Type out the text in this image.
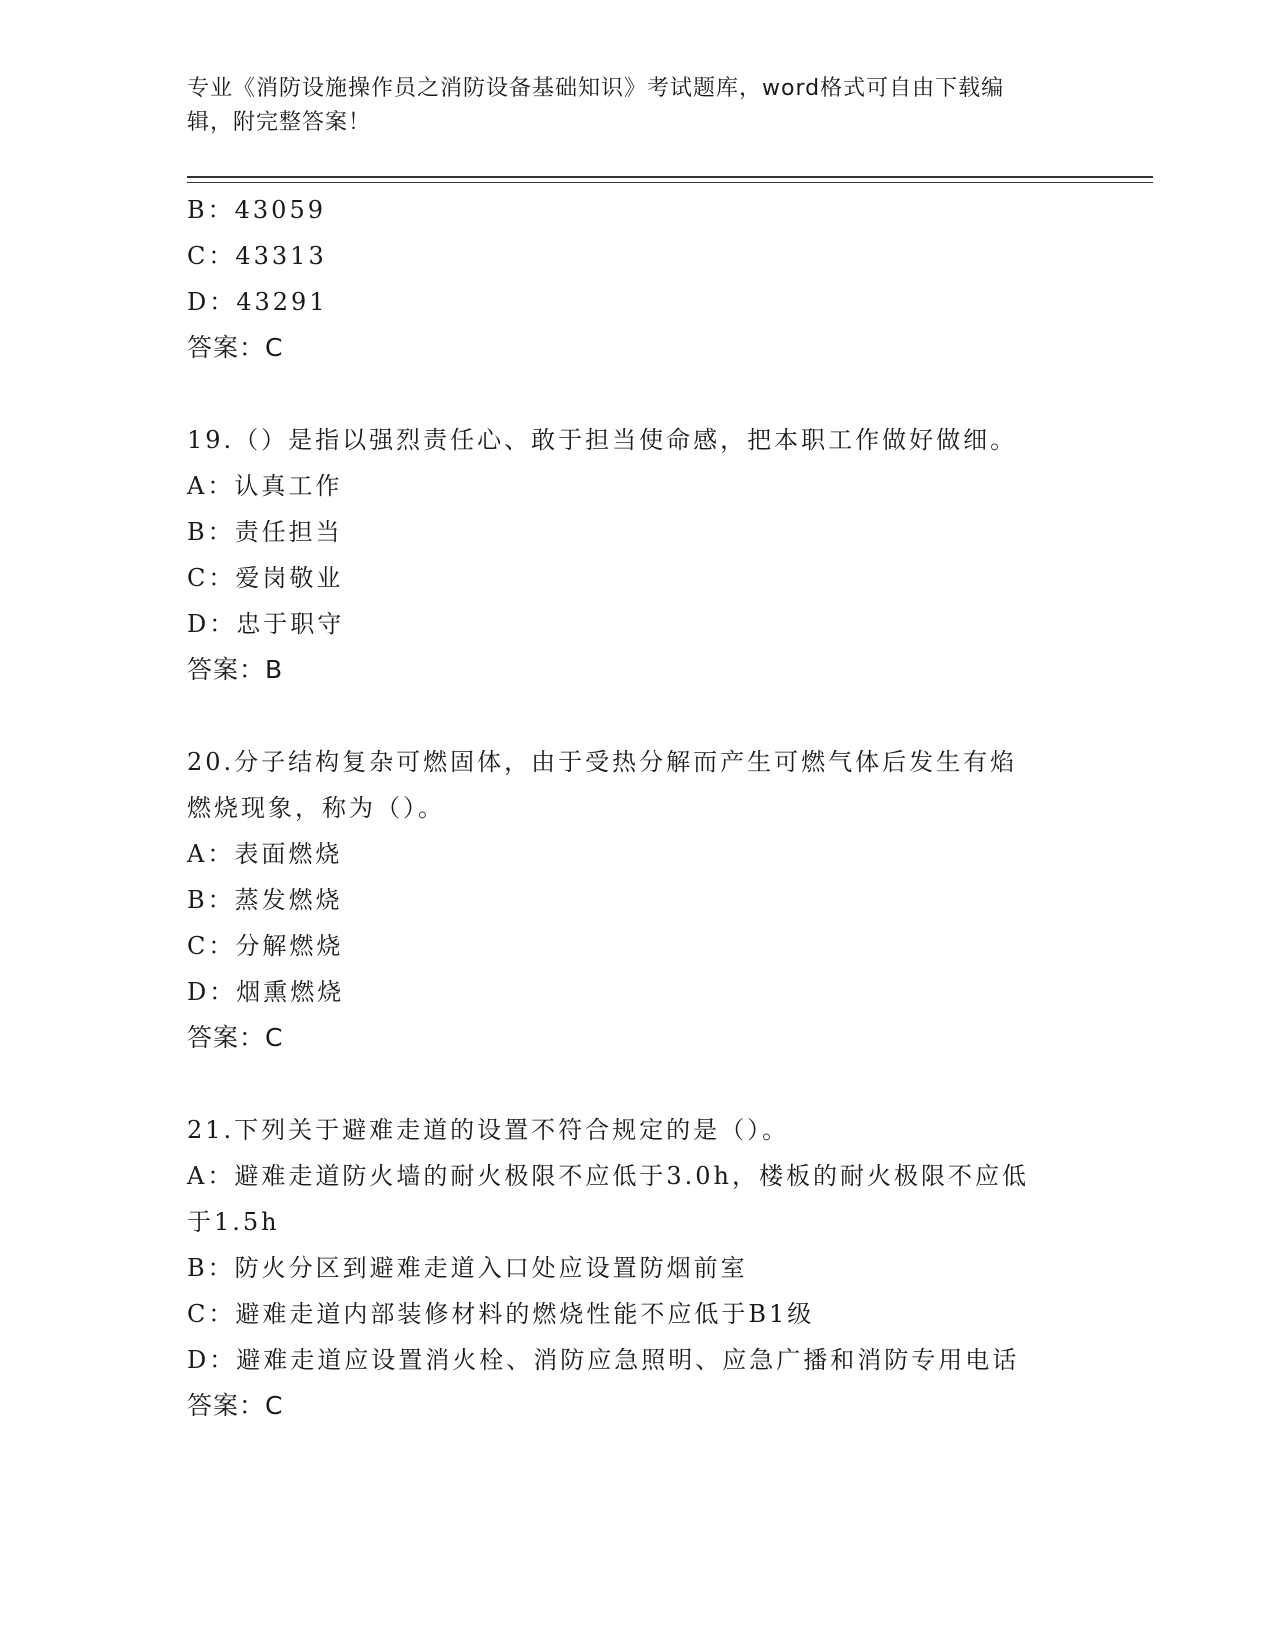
专业《消防设施操作员之消防设备基础知识》考试题库，word格式可自由下载编
辑，附完整答案！
B：43059
C：43313
D：43291
答案：C
19.（）是指以强烈责任心、敢于担当使命感，把本职工作做好做细。
A：认真工作
B：责任担当
C：爱岗敬业
D：忠于职守
答案：B
20.分子结构复杂可燃固体，由于受热分解而产生可燃气体后发生有焰
燃烧现象，称为（）。
A：表面燃烧
B：蒸发燃烧
C：分解燃烧
D：烟熏燃烧
答案：C
21.下列关于避难走道的设置不符合规定的是（）。
A：避难走道防火墙的耐火极限不应低于3.0h，楼板的耐火极限不应低
于1.5h
B：防火分区到避难走道入口处应设置防烟前室
C：避难走道内部装修材料的燃烧性能不应低于B1级
D：避难走道应设置消火栓、消防应急照明、应急广播和消防专用电话
答案：C
